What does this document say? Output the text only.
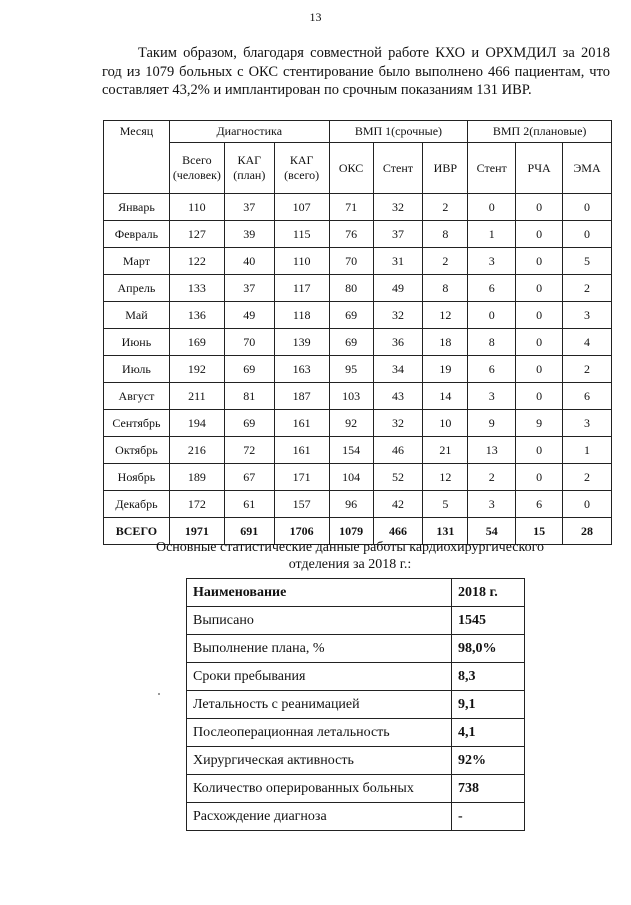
13

Таким образом, благодаря совместной работе КХО и ОРХМДИЛ за 2018 год из 1079 больных с ОКС стентирование было выполнено 466 пациентам, что составляет 43,2% и имплантирован по срочным показаниям 131 ИВР.

Месяц	Диагностика			ВМП 1(срочные)			ВМП 2(плановые)		
	Всего (человек)	КАГ (план)	КАГ (всего)	ОКС	Стент	ИВР	Стент	РЧА	ЭМА
Январь	110	37	107	71	32	2	0	0	0
Февраль	127	39	115	76	37	8	1	0	0
Март	122	40	110	70	31	2	3	0	5
Апрель	133	37	117	80	49	8	6	0	2
Май	136	49	118	69	32	12	0	0	3
Июнь	169	70	139	69	36	18	8	0	4
Июль	192	69	163	95	34	19	6	0	2
Август	211	81	187	103	43	14	3	0	6
Сентябрь	194	69	161	92	32	10	9	9	3
Октябрь	216	72	161	154	46	21	13	0	1
Ноябрь	189	67	171	104	52	12	2	0	2
Декабрь	172	61	157	96	42	5	3	6	0
ВСЕГО	1971	691	1706	1079	466	131	54	15	28
Основные статистические данные работы кардиохирургического отделения за 2018 г.:
Наименование	2018 г.
Выписано	1545
Выполнение плана, %	98,0%
Сроки пребывания	8,3
Летальность с реанимацией	9,1
Послеоперационная летальность	4,1
Хирургическая активность	92%
Количество оперированных больных	738
Расхождение диагноза	-
